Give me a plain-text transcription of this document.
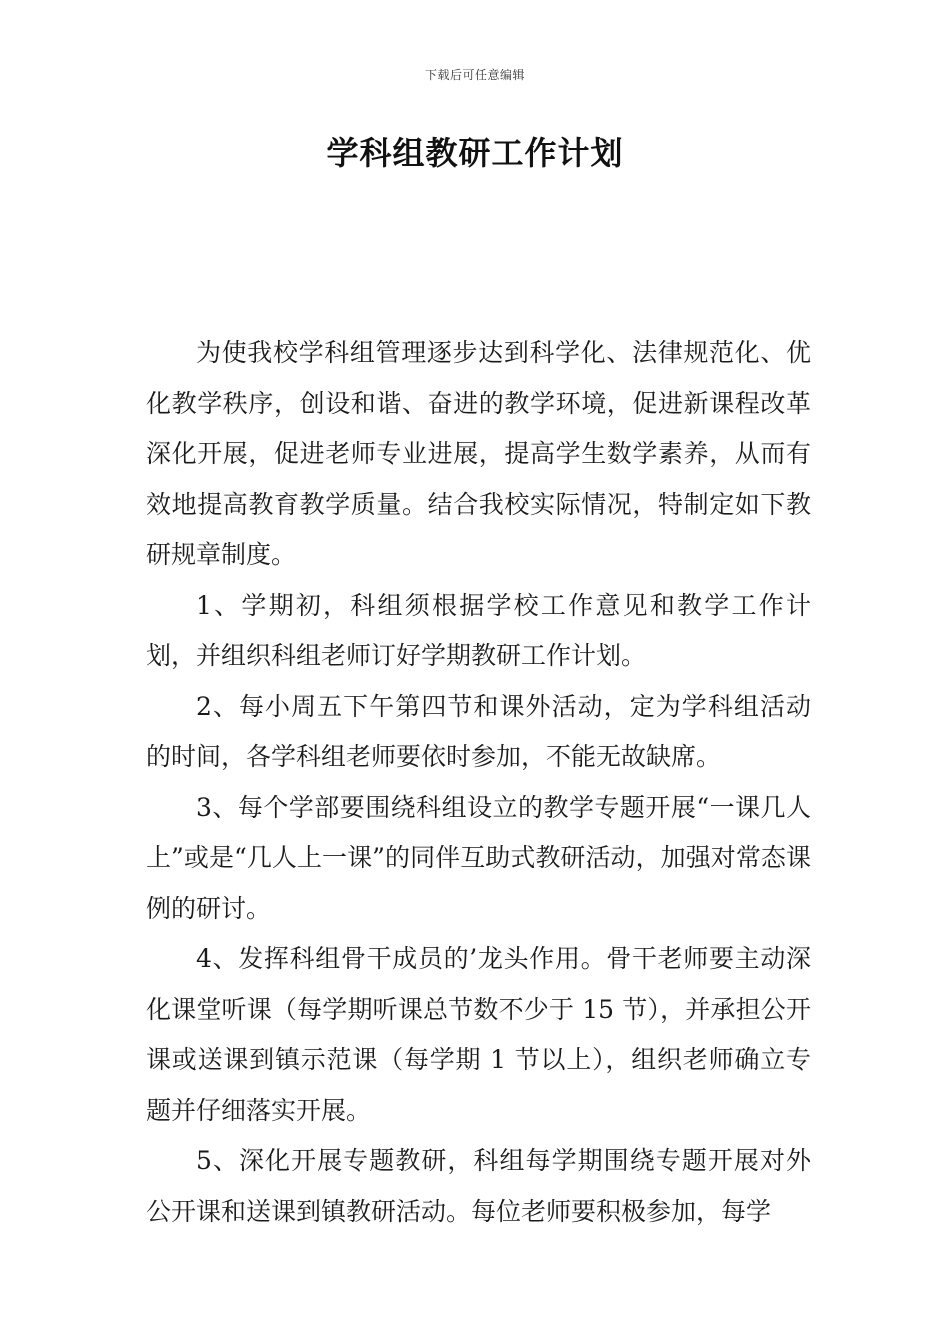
下载后可任意编辑
学科组教研工作计划

为使我校学科组管理逐步达到科学化、法律规范化、优化教学秩序，创设和谐、奋进的教学环境，促进新课程改革深化开展，促进老师专业进展，提高学生数学素养，从而有效地提高教育教学质量。结合我校实际情况，特制定如下教研规章制度。

1、学期初，科组须根据学校工作意见和教学工作计划，并组织科组老师订好学期教研工作计划。

2、每小周五下午第四节和课外活动，定为学科组活动的时间，各学科组老师要依时参加，不能无故缺席。

3、每个学部要围绕科组设立的教学专题开展“一课几人上”或是“几人上一课”的同伴互助式教研活动，加强对常态课例的研讨。

4、发挥科组骨干成员的’龙头作用。骨干老师要主动深化课堂听课（每学期听课总节数不少于 15 节），并承担公开课或送课到镇示范课（每学期 1 节以上），组织老师确立专题并仔细落实开展。

5、深化开展专题教研，科组每学期围绕专题开展对外公开课和送课到镇教研活动。每位老师要积极参加，每学
